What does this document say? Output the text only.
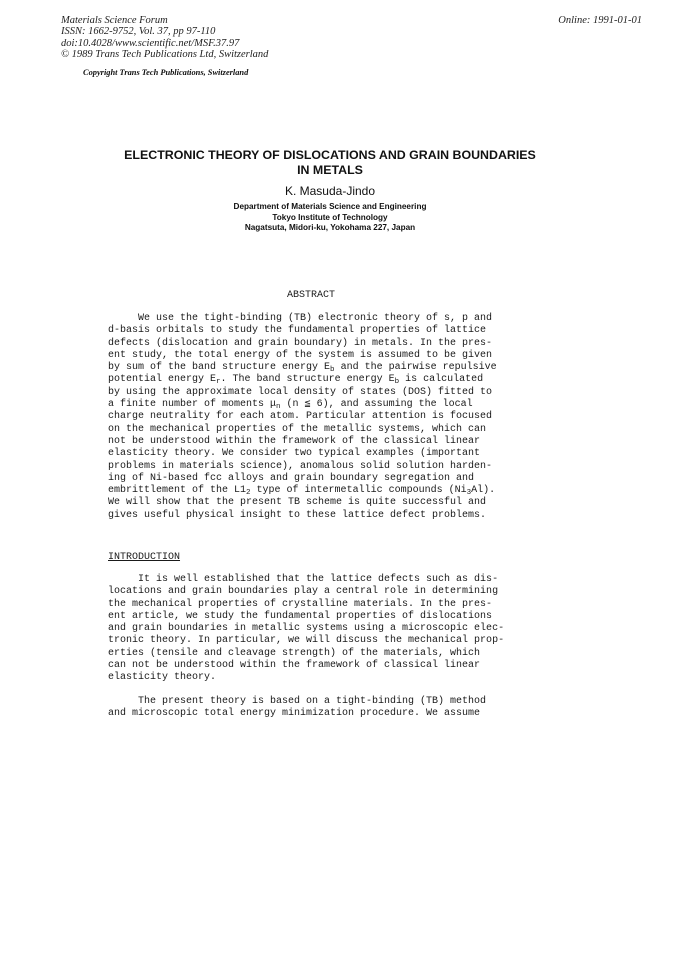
Materials Science Forum
ISSN: 1662-9752, Vol. 37, pp 97-110
doi:10.4028/www.scientific.net/MSF.37.97
© 1989 Trans Tech Publications Ltd, Switzerland
Online: 1991-01-01
Copyright Trans Tech Publications, Switzerland
ELECTRONIC THEORY OF DISLOCATIONS AND GRAIN BOUNDARIES
IN METALS
K. Masuda-Jindo
Department of Materials Science and Engineering
Tokyo Institute of Technology
Nagatsuta, Midori-ku, Yokohama 227, Japan
ABSTRACT
We use the tight-binding (TB) electronic theory of s, p and
d-basis orbitals to study the fundamental properties of lattice
defects (dislocation and grain boundary) in metals. In the pres-
ent study, the total energy of the system is assumed to be given
by sum of the band structure energy $E_b$ and the pairwise repulsive
potential energy $E_r$. The band structure energy $E_b$ is calculated
by using the approximate local density of states (DOS) fitted to
a finite number of moments $\mu_n$ (n ≦ 6), and assuming the local
charge neutrality for each atom. Particular attention is focused
on the mechanical properties of the metallic systems, which can
not be understood within the framework of the classical linear
elasticity theory. We consider two typical examples (important
problems in materials science), anomalous solid solution harden-
ing of Ni-based fcc alloys and grain boundary segregation and
embrittlement of the $L1_2$ type of intermetallic compounds $(Ni_3Al)$.
We will show that the present TB scheme is quite successful and
gives useful physical insight to these lattice defect problems.
INTRODUCTION
It is well established that the lattice defects such as dis-
locations and grain boundaries play a central role in determining
the mechanical properties of crystalline materials. In the pres-
ent article, we study the fundamental properties of dislocations
and grain boundaries in metallic systems using a microscopic elec-
tronic theory. In particular, we will discuss the mechanical prop-
erties (tensile and cleavage strength) of the materials, which
can not be understood within the framework of classical linear
elasticity theory.
The present theory is based on a tight-binding (TB) method
and microscopic total energy minimization procedure. We assume
